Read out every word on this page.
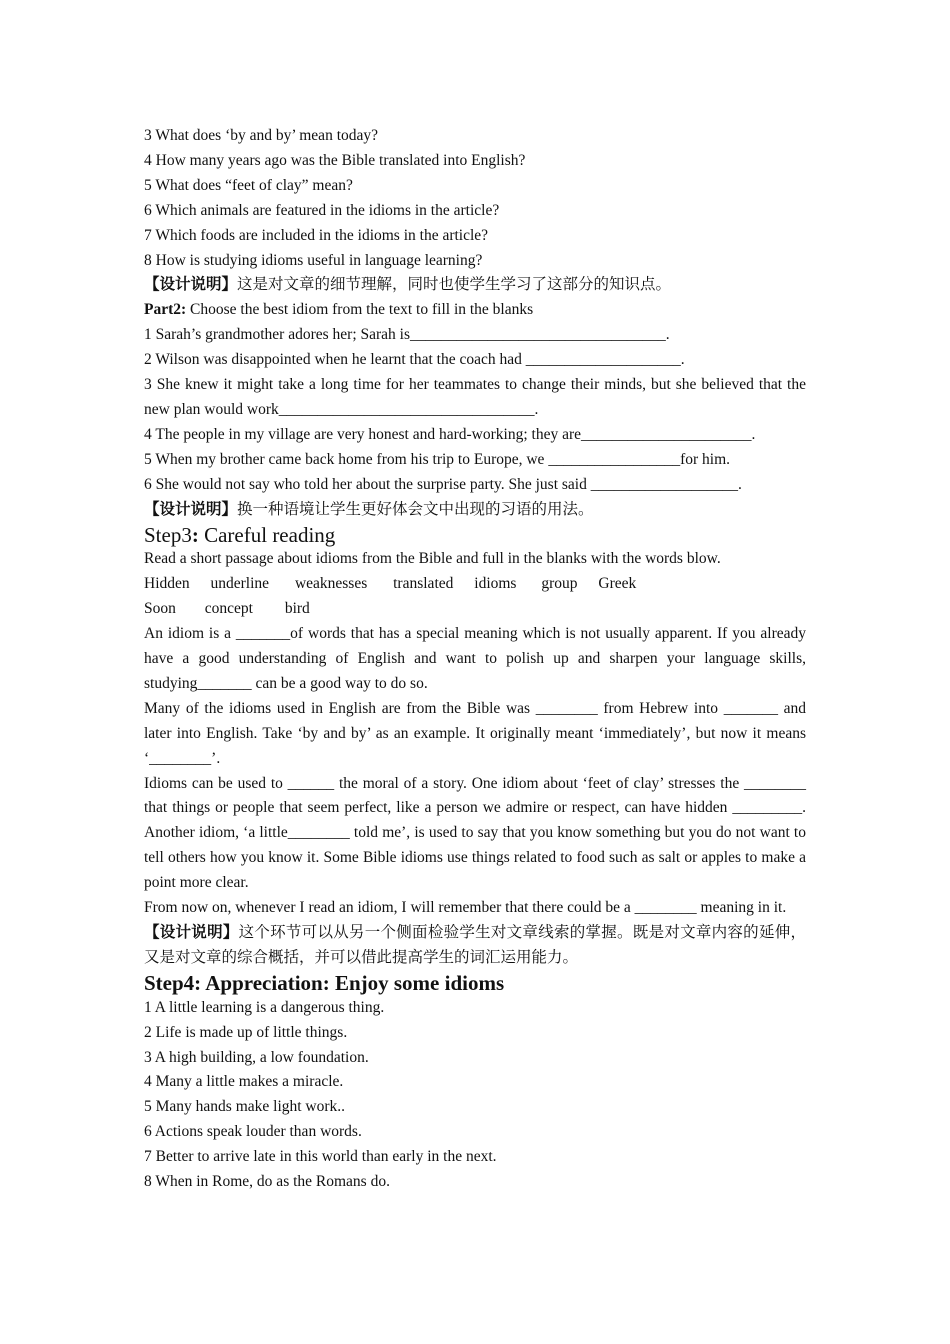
3 What does ‘by and by’ mean today?
4 How many years ago was the Bible translated into English?
5 What does “feet of clay” mean?
6 Which animals are featured in the idioms in the article?
7 Which foods are included in the idioms in the article?
8 How is studying idioms useful in language learning?
【设计说明】这是对文章的细节理解，同时也使学生学习了这部分的知识点。
Part2: Choose the best idiom from the text to fill in the blanks
1 Sarah’s grandmother adores her; Sarah is_________________________________.
2 Wilson was disappointed when he learnt that the coach had ____________________.
3 She knew it might take a long time for her teammates to change their minds, but she believed that the new plan would work_________________________________.
4 The people in my village are very honest and hard-working; they are______________________.
5 When my brother came back home from his trip to Europe, we _________________for him.
6 She would not say who told her about the surprise party. She just said ___________________.
【设计说明】换一种语境让学生更好体会文中出现的习语的用法。
Step3: Careful reading
Read a short passage about idioms from the Bible and full in the blanks with the words blow.
Hidden underline weaknesses translated idioms group Greek
Soon concept bird
An idiom is a _______of words that has a special meaning which is not usually apparent. If you already have a good understanding of English and want to polish up and sharpen your language skills, studying_______ can be a good way to do so.
Many of the idioms used in English are from the Bible was ________ from Hebrew into _______ and later into English. Take ‘by and by’ as an example. It originally meant ‘immediately’, but now it means ‘________’.
Idioms can be used to ______ the moral of a story. One idiom about ‘feet of clay’ stresses the ________ that things or people that seem perfect, like a person we admire or respect, can have hidden _________. Another idiom, ‘a little________ told me’, is used to say that you know something but you do not want to tell others how you know it. Some Bible idioms use things related to food such as salt or apples to make a point more clear.
From now on, whenever I read an idiom, I will remember that there could be a ________ meaning in it.
【设计说明】这个环节可以从另一个侧面检验学生对文章线索的掌握。既是对文章内容的延伸，又是对文章的综合概括，并可以借此提高学生的词汇运用能力。
Step4: Appreciation: Enjoy some idioms
1 A little learning is a dangerous thing.
2 Life is made up of little things.
3 A high building, a low foundation.
4 Many a little makes a miracle.
5 Many hands make light work..
6 Actions speak louder than words.
7 Better to arrive late in this world than early in the next.
8 When in Rome, do as the Romans do.
